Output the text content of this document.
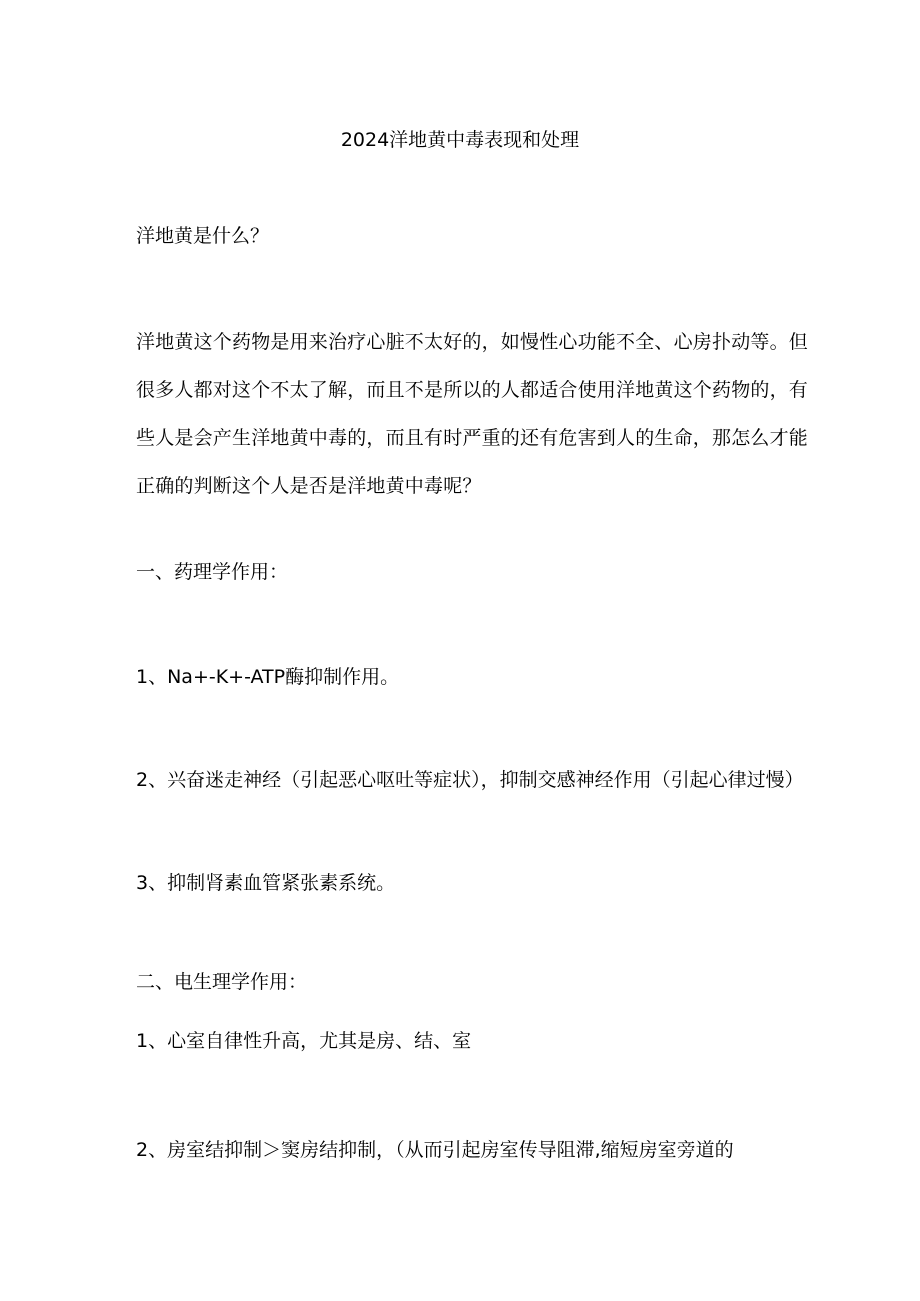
2024洋地黄中毒表现和处理
洋地黄是什么？
洋地黄这个药物是用来治疗心脏不太好的，如慢性心功能不全、心房扑动等。但
很多人都对这个不太了解，而且不是所以的人都适合使用洋地黄这个药物的，有
些人是会产生洋地黄中毒的，而且有时严重的还有危害到人的生命，那怎么才能
正确的判断这个人是否是洋地黄中毒呢？
一、药理学作用：
1、Na+-K+-ATP酶抑制作用。
2、兴奋迷走神经（引起恶心呕吐等症状），抑制交感神经作用（引起心律过慢）
3、抑制肾素血管紧张素系统。
二、电生理学作用：
1、心室自律性升高，尤其是房、结、室
2、房室结抑制＞窦房结抑制，（从而引起房室传导阻滞,缩短房室旁道的
